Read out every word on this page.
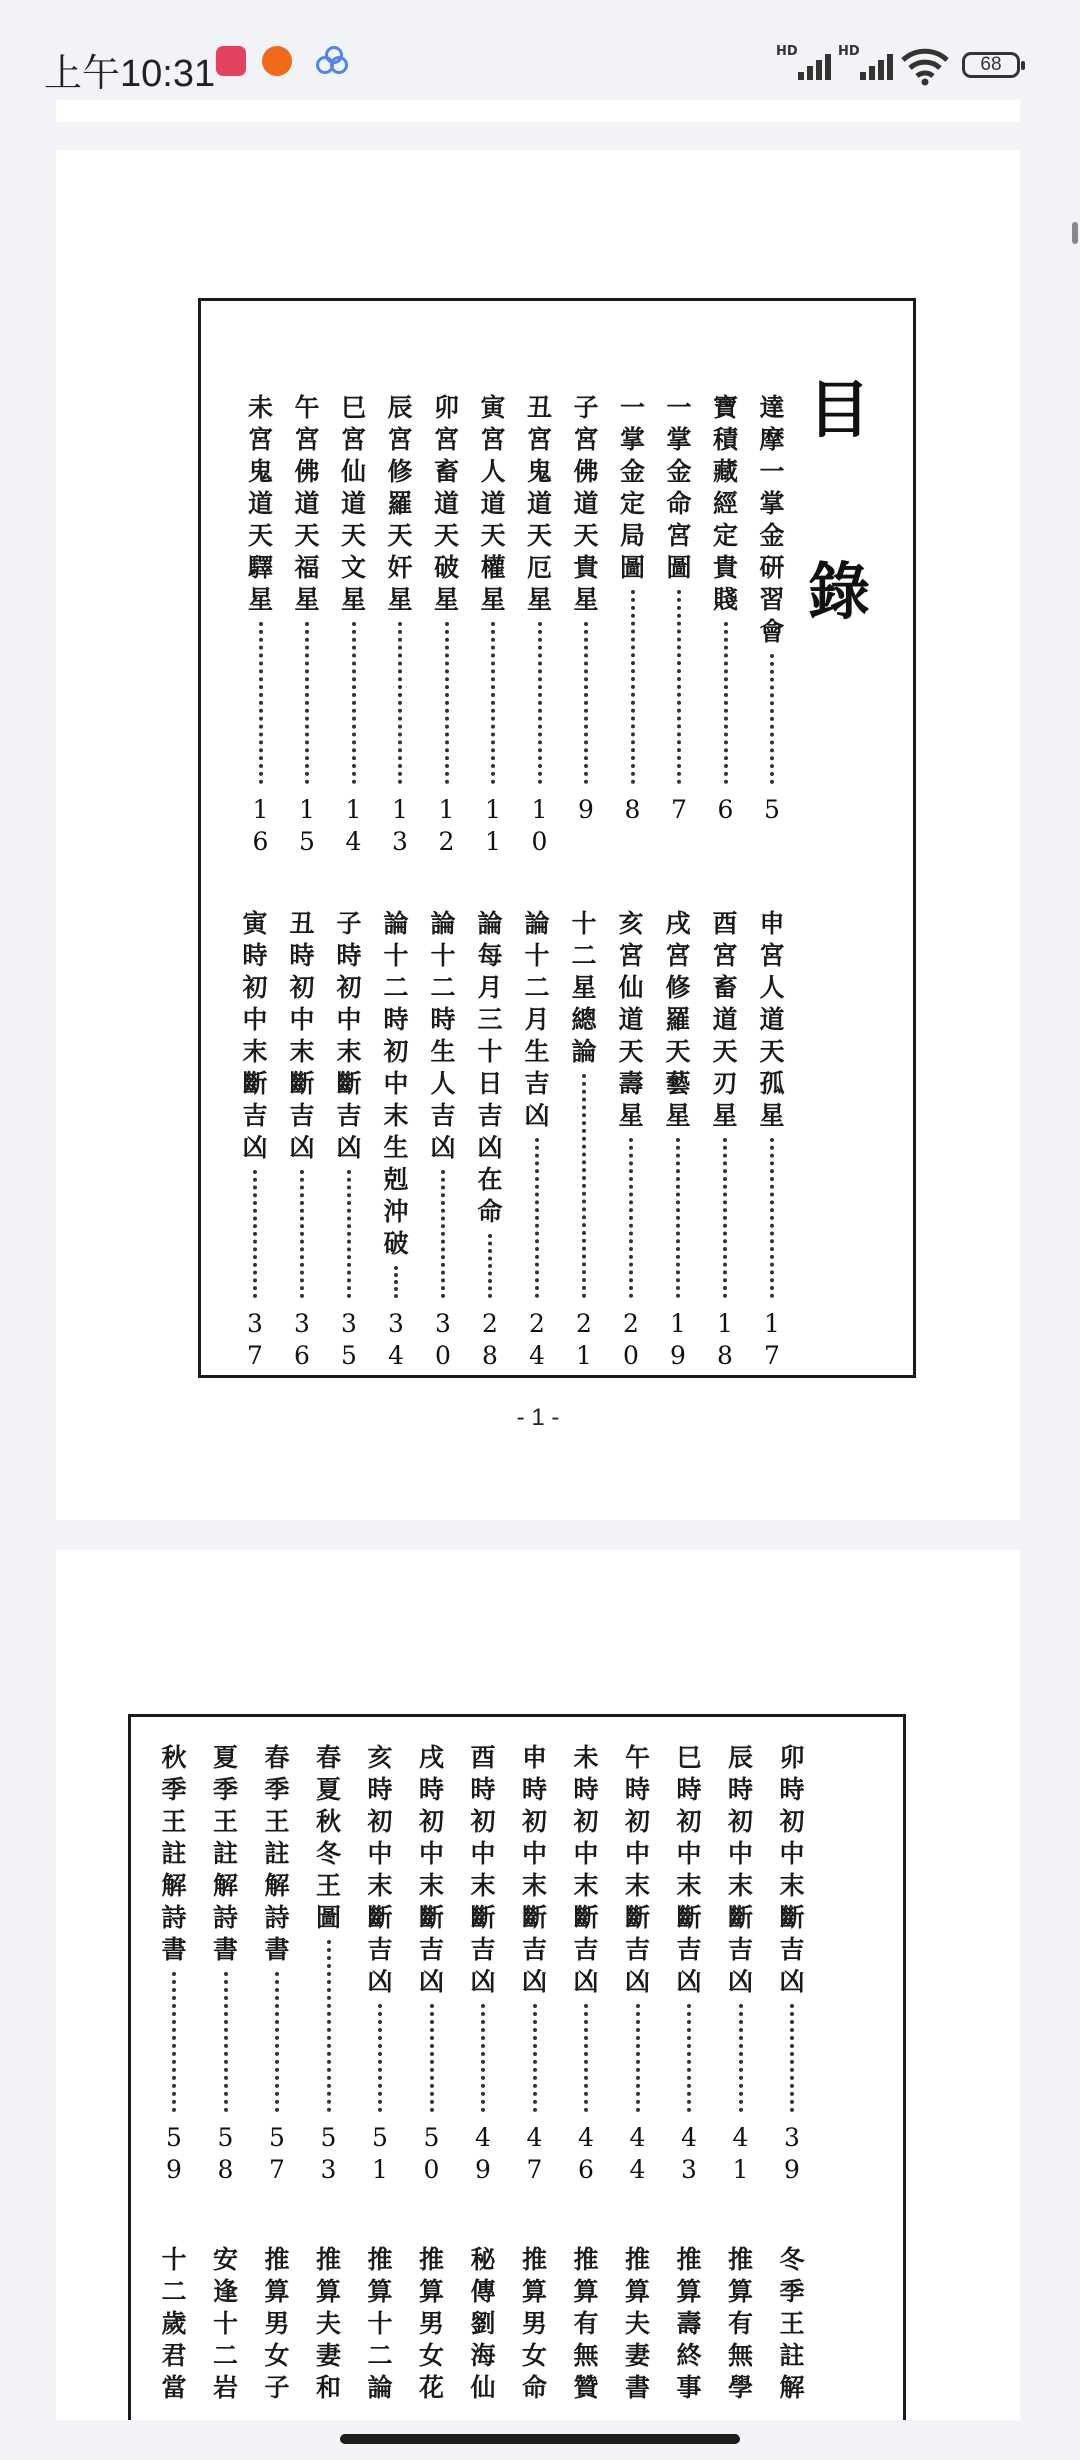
上午10:31
HD	HD
68
目
錄
達摩一掌金研習會
5
寶積藏經定貴賤
6
一掌金命宮圖
7
一掌金定局圖
8
子宮佛道天貴星
9
丑宮鬼道天厄星
1
0
寅宮人道天權星
1
1
卯宮畜道天破星
1
2
辰宮修羅天奸星
1
3
巳宮仙道天文星
1
4
午宮佛道天福星
1
5
未宮鬼道天驛星
1
6
申宮人道天孤星
1
7
酉宮畜道天刃星
1
8
戌宮修羅天藝星
1
9
亥宮仙道天壽星
2
0
十二星總論
2
1
論十二月生吉凶
2
4
論每月三十日吉凶在命
2
8
論十二時生人吉凶
3
0
論十二時初中末生剋沖破
3
4
子時初中末斷吉凶
3
5
丑時初中末斷吉凶
3
6
寅時初中末斷吉凶
3
7
- 1 -
卯時初中末斷吉凶
3
9
辰時初中末斷吉凶
4
1
巳時初中末斷吉凶
4
3
午時初中末斷吉凶
4
4
未時初中末斷吉凶
4
6
申時初中末斷吉凶
4
7
酉時初中末斷吉凶
4
9
戌時初中末斷吉凶
5
0
亥時初中末斷吉凶
5
1
春夏秋冬王圖
5
3
春季王註解詩書
5
7
夏季王註解詩書
5
8
秋季王註解詩書
5
9
冬季王註解
推算有無學
推算壽終事
推算夫妻書
推算有無贊
推算男女命
秘傳劉海仙
推算男女花
推算十二論
推算夫妻和
推算男女子
安逢十二岩
十二歲君當
